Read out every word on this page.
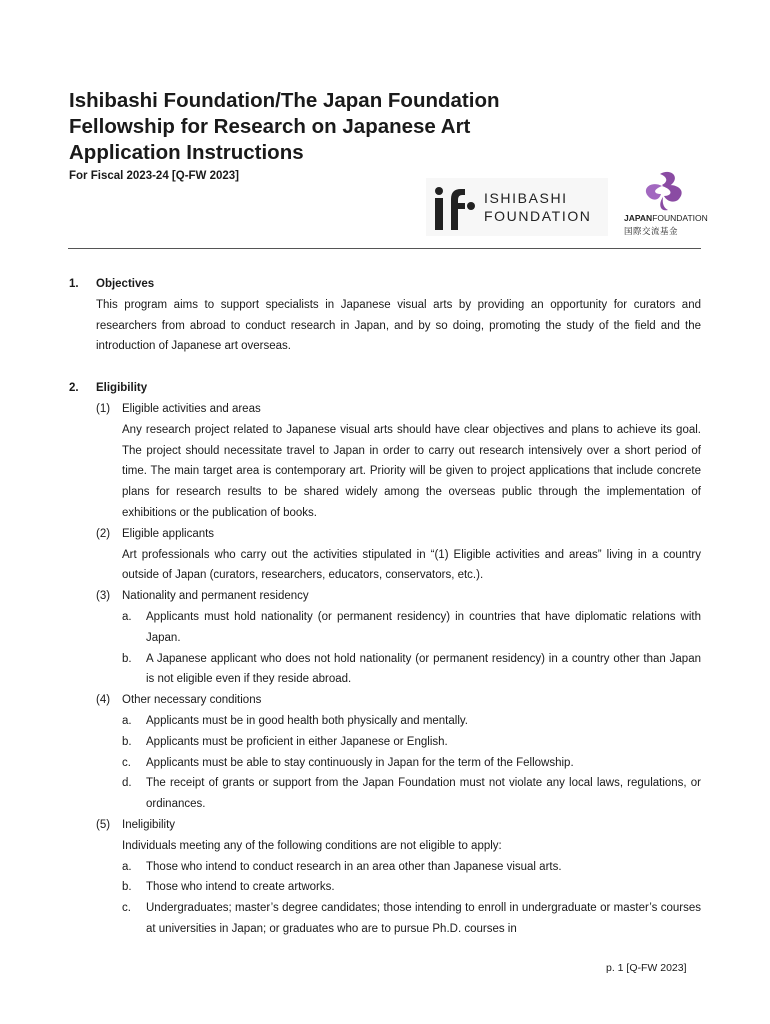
Ishibashi Foundation/The Japan Foundation
Fellowship for Research on Japanese Art
Application Instructions
For Fiscal 2023-24 [Q-FW 2023]
ISHIBASHI
FOUNDATION	JAPANFOUNDATION
国際交流基金
1.	Objectives
This program aims to support specialists in Japanese visual arts by providing an opportunity for curators and researchers from abroad to conduct research in Japan, and by so doing, promoting the study of the field and the introduction of Japanese art overseas.
2.	Eligibility
(1)	Eligible activities and areas
Any research project related to Japanese visual arts should have clear objectives and plans to achieve its goal. The project should necessitate travel to Japan in order to carry out research intensively over a short period of time. The main target area is contemporary art. Priority will be given to project applications that include concrete plans for research results to be shared widely among the overseas public through the implementation of exhibitions or the publication of books.
(2)	Eligible applicants
Art professionals who carry out the activities stipulated in “(1) Eligible activities and areas” living in a country outside of Japan (curators, researchers, educators, conservators, etc.).
(3)	Nationality and permanent residency
a.	Applicants must hold nationality (or permanent residency) in countries that have diplomatic relations with Japan.
b.	A Japanese applicant who does not hold nationality (or permanent residency) in a country other than Japan is not eligible even if they reside abroad.
(4)	Other necessary conditions
a.	Applicants must be in good health both physically and mentally.
b.	Applicants must be proficient in either Japanese or English.
c.	Applicants must be able to stay continuously in Japan for the term of the Fellowship.
d.	The receipt of grants or support from the Japan Foundation must not violate any local laws, regulations, or ordinances.
(5)	Ineligibility
Individuals meeting any of the following conditions are not eligible to apply:
a.	Those who intend to conduct research in an area other than Japanese visual arts.
b.	Those who intend to create artworks.
c.	Undergraduates; master’s degree candidates; those intending to enroll in undergraduate or master’s courses at universities in Japan; or graduates who are to pursue Ph.D. courses in
p. 1 [Q-FW 2023]
